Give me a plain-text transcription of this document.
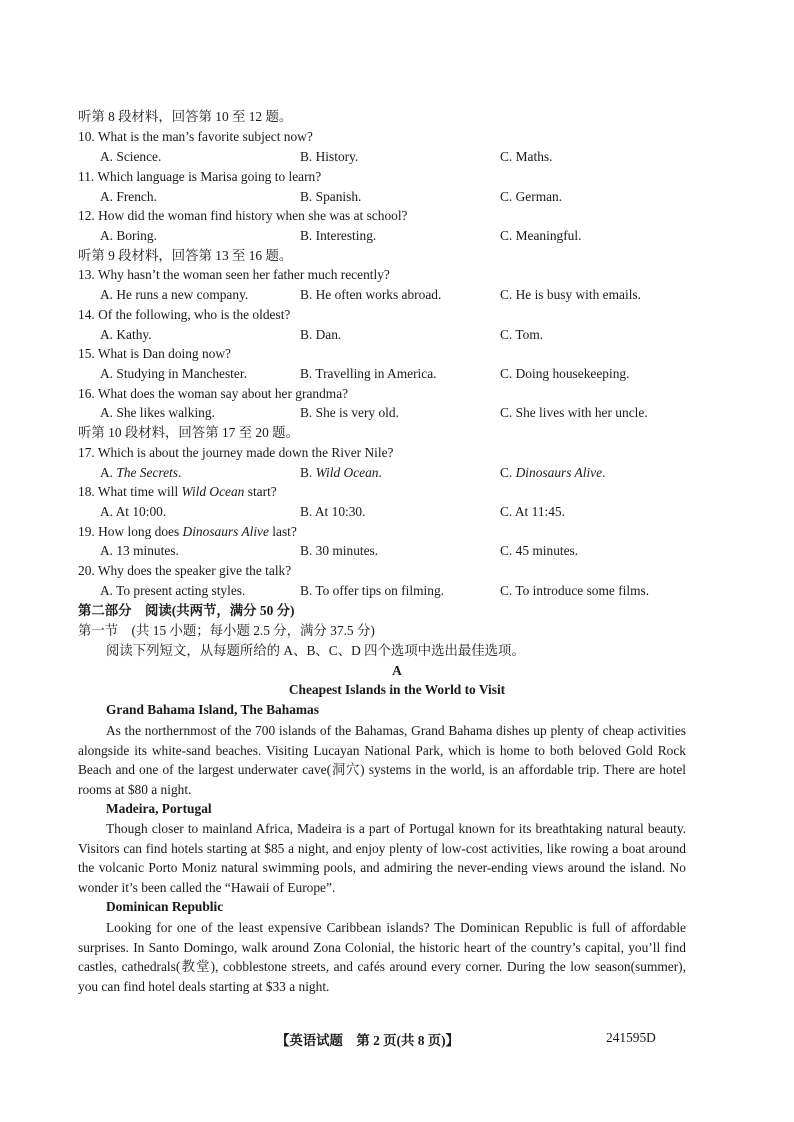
听第 8 段材料，回答第 10 至 12 题。
10. What is the man’s favorite subject now?
A. Science.	B. History.	C. Maths.
11. Which language is Marisa going to learn?
A. French.	B. Spanish.	C. German.
12. How did the woman find history when she was at school?
A. Boring.	B. Interesting.	C. Meaningful.
听第 9 段材料，回答第 13 至 16 题。
13. Why hasn’t the woman seen her father much recently?
A. He runs a new company.	B. He often works abroad.	C. He is busy with emails.
14. Of the following, who is the oldest?
A. Kathy.	B. Dan.	C. Tom.
15. What is Dan doing now?
A. Studying in Manchester.	B. Travelling in America.	C. Doing housekeeping.
16. What does the woman say about her grandma?
A. She likes walking.	B. She is very old.	C. She lives with her uncle.
听第 10 段材料，回答第 17 至 20 题。
17. Which is about the journey made down the River Nile?
A. The Secrets.	B. Wild Ocean.	C. Dinosaurs Alive.
18. What time will Wild Ocean start?
A. At 10:00.	B. At 10:30.	C. At 11:45.
19. How long does Dinosaurs Alive last?
A. 13 minutes.	B. 30 minutes.	C. 45 minutes.
20. Why does the speaker give the talk?
A. To present acting styles.	B. To offer tips on filming.	C. To introduce some films.
第二部分　阅读(共两节，满分 50 分)
第一节　(共 15 小题；每小题 2.5 分，满分 37.5 分)
阅读下列短文，从每题所给的 A、B、C、D 四个选项中选出最佳选项。
A
Cheapest Islands in the World to Visit
Grand Bahama Island, The Bahamas
As the northernmost of the 700 islands of the Bahamas, Grand Bahama dishes up plenty of cheap activities alongside its white-sand beaches. Visiting Lucayan National Park, which is home to both beloved Gold Rock Beach and one of the largest underwater cave(洞穴) systems in the world, is an affordable trip. There are hotel rooms at $80 a night.
Madeira, Portugal
Though closer to mainland Africa, Madeira is a part of Portugal known for its breathtaking natural beauty. Visitors can find hotels starting at $85 a night, and enjoy plenty of low-cost activities, like rowing a boat around the volcanic Porto Moniz natural swimming pools, and admiring the never-ending views around the island. No wonder it’s been called the “Hawaii of Europe”.
Dominican Republic
Looking for one of the least expensive Caribbean islands? The Dominican Republic is full of affordable surprises. In Santo Domingo, walk around Zona Colonial, the historic heart of the country’s capital, you’ll find castles, cathedrals(教堂), cobblestone streets, and cafés around every corner. During the low season(summer), you can find hotel deals starting at $33 a night.
【英语试题　第 2 页(共 8 页)】	241595D
